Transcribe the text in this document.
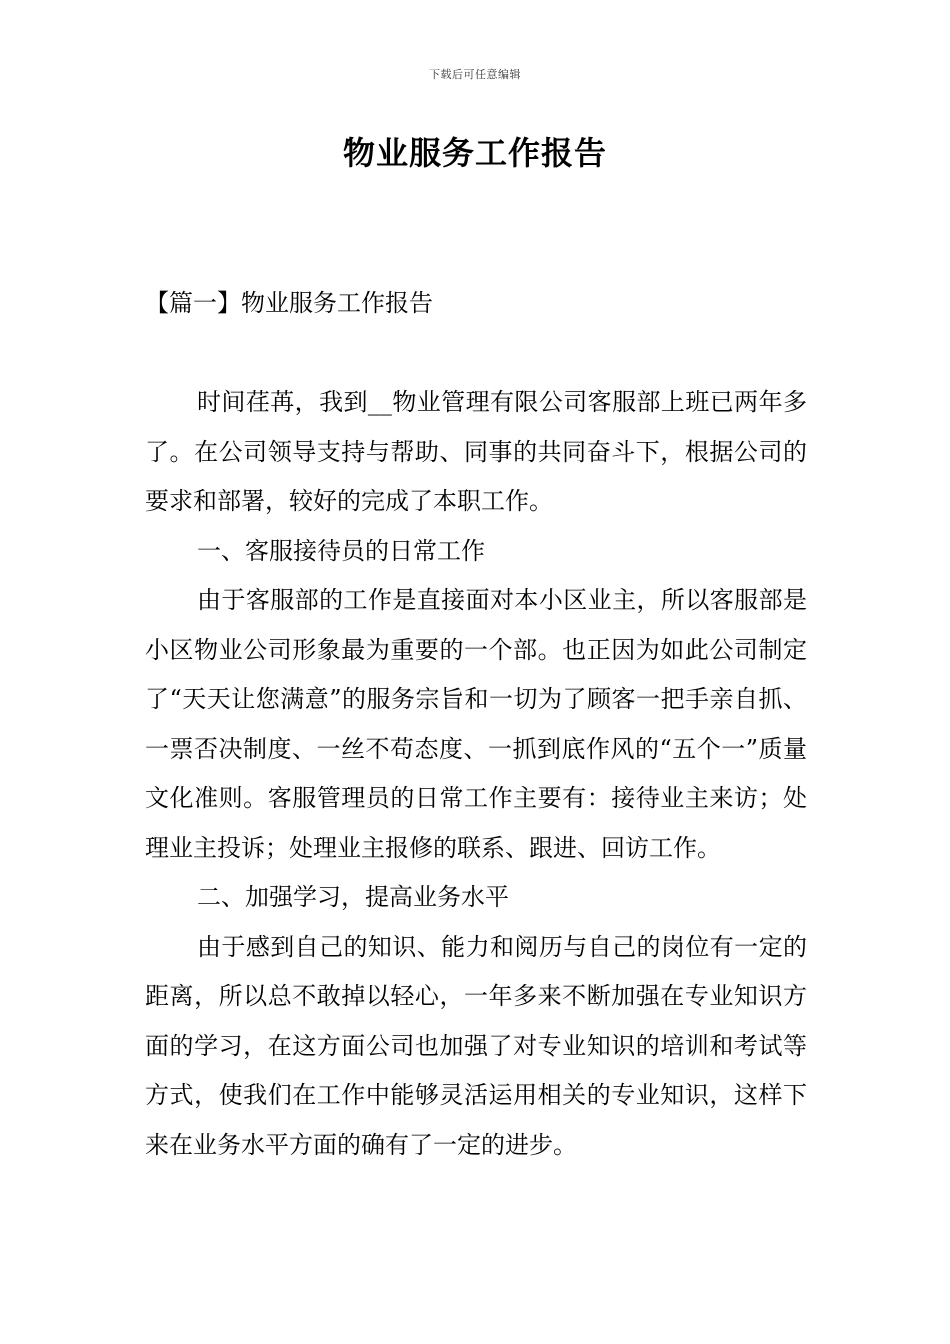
下载后可任意编辑
物业服务工作报告
【篇一】物业服务工作报告

时间荏苒，我到__物业管理有限公司客服部上班已两年多了。在公司领导支持与帮助、同事的共同奋斗下，根据公司的要求和部署，较好的完成了本职工作。

一、客服接待员的日常工作

由于客服部的工作是直接面对本小区业主，所以客服部是小区物业公司形象最为重要的一个部。也正因为如此公司制定了“天天让您满意”的服务宗旨和一切为了顾客一把手亲自抓、一票否决制度、一丝不苟态度、一抓到底作风的“五个一”质量文化准则。客服管理员的日常工作主要有：接待业主来访；处理业主投诉；处理业主报修的联系、跟进、回访工作。

二、加强学习，提高业务水平

由于感到自己的知识、能力和阅历与自己的岗位有一定的距离，所以总不敢掉以轻心，一年多来不断加强在专业知识方面的学习，在这方面公司也加强了对专业知识的培训和考试等方式，使我们在工作中能够灵活运用相关的专业知识，这样下来在业务水平方面的确有了一定的进步。
